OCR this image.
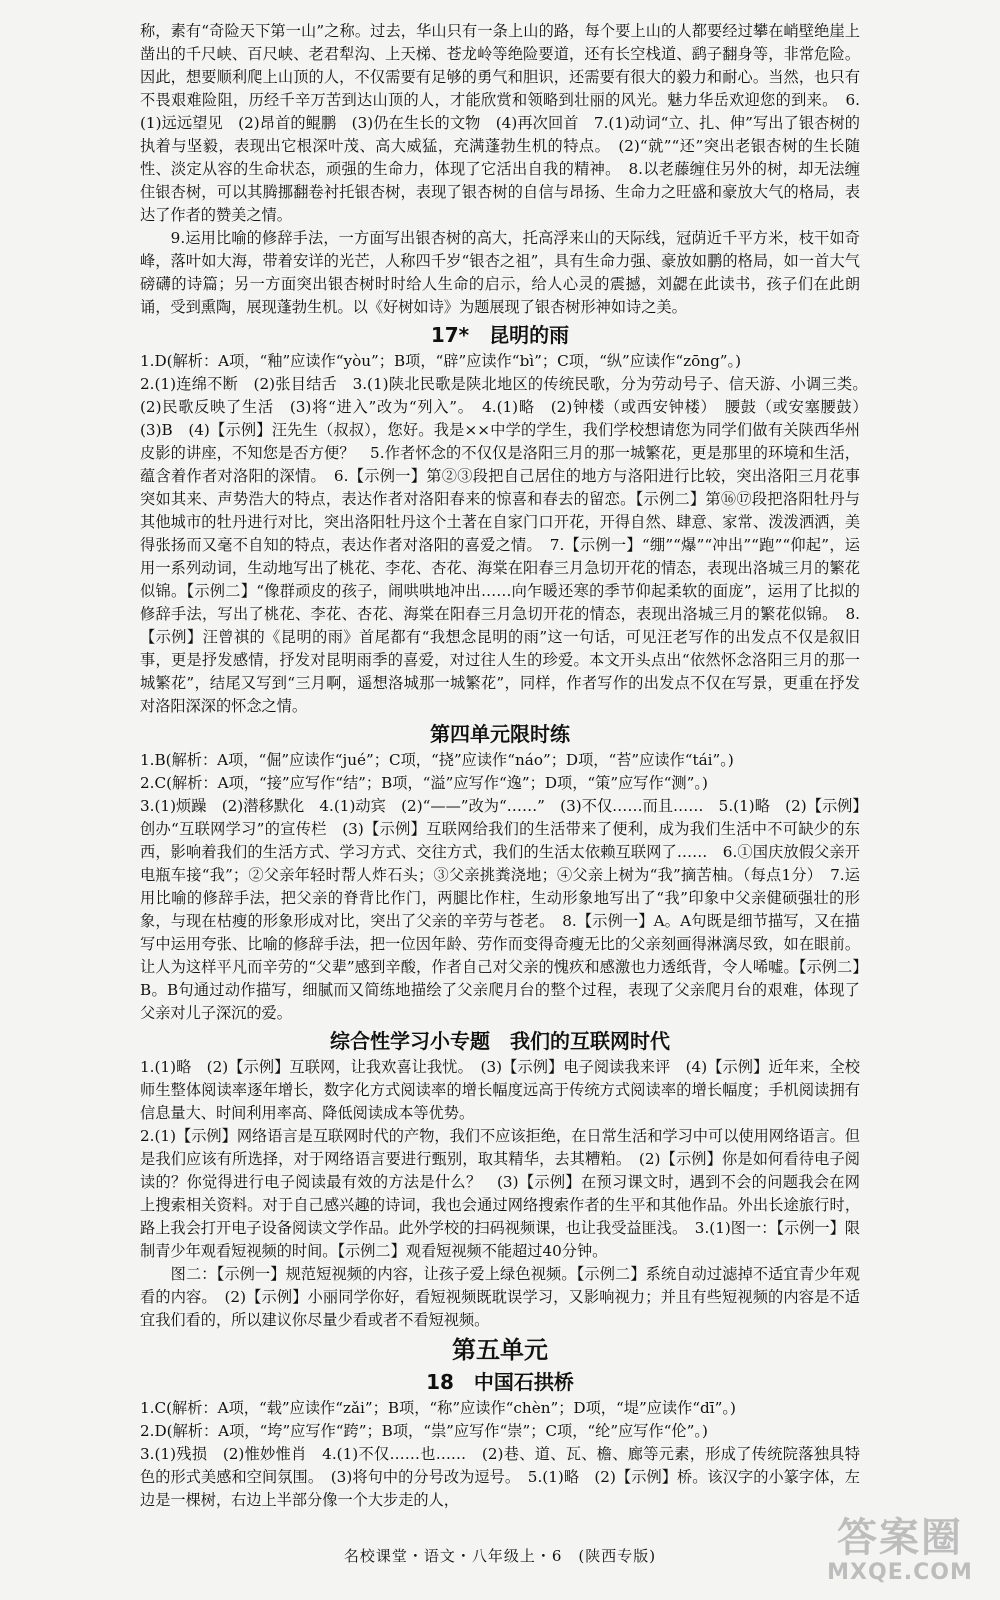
称，素有“奇险天下第一山”之称。过去，华山只有一条上山的路，每个要上山的人都要经过攀在峭壁绝崖上凿出的千尺峡、百尺峡、老君犁沟、上天梯、苍龙岭等绝险要道，还有长空栈道、鹞子翻身等，非常危险。因此，想要顺利爬上山顶的人，不仅需要有足够的勇气和胆识，还需要有很大的毅力和耐心。当然，也只有不畏艰难险阻，历经千辛万苦到达山顶的人，才能欣赏和领略到壮丽的风光。魅力华岳欢迎您的到来。　6.(1)远远望见　(2)昂首的鲲鹏　(3)仍在生长的文物　(4)再次回首　7.(1)动词“立、扎、伸”写出了银杏树的执着与坚毅，表现出它根深叶茂、高大威猛，充满蓬勃生机的特点。　(2)“就”“还”突出老银杏树的生长随性、淡定从容的生命状态，顽强的生命力，体现了它活出自我的精神。　8.以老藤缠住另外的树，却无法缠住银杏树，可以其腾挪翻卷衬托银杏树，表现了银杏树的自信与昂扬、生命力之旺盛和豪放大气的格局，表达了作者的赞美之情。

　　9.运用比喻的修辞手法，一方面写出银杏树的高大，托高浮来山的天际线，冠荫近千平方米，枝干如奇峰，落叶如大海，带着安详的光芒，人称四千岁“银杏之祖”，具有生命力强、豪放如鹏的格局，如一首大气磅礴的诗篇；另一方面突出银杏树时时给人生命的启示，给人心灵的震撼，刘勰在此读书，孩子们在此朗诵，受到熏陶，展现蓬勃生机。以《好树如诗》为题展现了银杏树形神如诗之美。

17*　昆明的雨

1.D(解析：A项，“釉”应读作“yòu”；B项，“辟”应读作“bì”；C项，“纵”应读作“zōng”。)

2.(1)连绵不断　(2)张目结舌　3.(1)陕北民歌是陕北地区的传统民歌，分为劳动号子、信天游、小调三类。　(2)民歌反映了生活　(3)将“进入”改为“列入”。　4.(1)略　(2)钟楼（或西安钟楼）　腰鼓（或安塞腰鼓）　(3)B　(4)【示例】汪先生（叔叔），您好。我是××中学的学生，我们学校想请您为同学们做有关陕西华州皮影的讲座，不知您是否方便？　5.作者怀念的不仅仅是洛阳三月的那一城繁花，更是那里的环境和生活，蕴含着作者对洛阳的深情。　6.【示例一】第②③段把自己居住的地方与洛阳进行比较，突出洛阳三月花事突如其来、声势浩大的特点，表达作者对洛阳春来的惊喜和春去的留恋。【示例二】第⑯⑰段把洛阳牡丹与其他城市的牡丹进行对比，突出洛阳牡丹这个土著在自家门口开花，开得自然、肆意、家常、泼泼洒洒，美得张扬而又毫不自知的特点，表达作者对洛阳的喜爱之情。　7.【示例一】“绷”“爆”“冲出”“跑”“仰起”，运用一系列动词，生动地写出了桃花、李花、杏花、海棠在阳春三月急切开花的情态，表现出洛城三月的繁花似锦。【示例二】“像群顽皮的孩子，闹哄哄地冲出……向乍暖还寒的季节仰起柔软的面庞”，运用了比拟的修辞手法，写出了桃花、李花、杏花、海棠在阳春三月急切开花的情态，表现出洛城三月的繁花似锦。　8.【示例】汪曾祺的《昆明的雨》首尾都有“我想念昆明的雨”这一句话，可见汪老写作的出发点不仅是叙旧事，更是抒发感情，抒发对昆明雨季的喜爱，对过往人生的珍爱。本文开头点出“依然怀念洛阳三月的那一城繁花”，结尾又写到“三月啊，遥想洛城那一城繁花”，同样，作者写作的出发点不仅在写景，更重在抒发对洛阳深深的怀念之情。

第四单元限时练

1.B(解析：A项，“倔”应读作“jué”；C项，“挠”应读作“náo”；D项，“苔”应读作“tái”。)

2.C(解析：A项，“接”应写作“结”；B项，“溢”应写作“逸”；D项，“策”应写作“测”。)

3.(1)烦躁　(2)潜移默化　4.(1)动宾　(2)“——”改为“……”　(3)不仅……而且……　5.(1)略　(2)【示例】创办“互联网学习”的宣传栏　(3)【示例】互联网给我们的生活带来了便利，成为我们生活中不可缺少的东西，影响着我们的生活方式、学习方式、交往方式，我们的生活太依赖互联网了……　6.①国庆放假父亲开电瓶车接“我”；②父亲年轻时帮人炸石头；③父亲挑粪浇地；④父亲上树为“我”摘苦柚。（每点1分）　7.运用比喻的修辞手法，把父亲的脊背比作门，两腿比作柱，生动形象地写出了“我”印象中父亲健硕强壮的形象，与现在枯瘦的形象形成对比，突出了父亲的辛劳与苍老。　8.【示例一】A。A句既是细节描写，又在描写中运用夸张、比喻的修辞手法，把一位因年龄、劳作而变得奇瘦无比的父亲刻画得淋漓尽致，如在眼前。让人为这样平凡而辛劳的“父辈”感到辛酸，作者自己对父亲的愧疚和感激也力透纸背，令人唏嘘。【示例二】B。B句通过动作描写，细腻而又简练地描绘了父亲爬月台的整个过程，表现了父亲爬月台的艰难，体现了父亲对儿子深沉的爱。

综合性学习小专题　我们的互联网时代

1.(1)略　(2)【示例】互联网，让我欢喜让我忧。　(3)【示例】电子阅读我来评　(4)【示例】近年来，全校师生整体阅读率逐年增长，数字化方式阅读率的增长幅度远高于传统方式阅读率的增长幅度；手机阅读拥有信息量大、时间利用率高、降低阅读成本等优势。

2.(1)【示例】网络语言是互联网时代的产物，我们不应该拒绝，在日常生活和学习中可以使用网络语言。但是我们应该有所选择，对于网络语言要进行甄别，取其精华，去其糟粕。　(2)【示例】你是如何看待电子阅读的？你觉得进行电子阅读最有效的方法是什么？　(3)【示例】在预习课文时，遇到不会的问题我会在网上搜索相关资料。对于自己感兴趣的诗词，我也会通过网络搜索作者的生平和其他作品。外出长途旅行时，路上我会打开电子设备阅读文学作品。此外学校的扫码视频课，也让我受益匪浅。　3.(1)图一：【示例一】限制青少年观看短视频的时间。【示例二】观看短视频不能超过40分钟。

　　图二：【示例一】规范短视频的内容，让孩子爱上绿色视频。【示例二】系统自动过滤掉不适宜青少年观看的内容。　(2)【示例】小丽同学你好，看短视频既耽误学习，又影响视力；并且有些短视频的内容是不适宜我们看的，所以建议你尽量少看或者不看短视频。

第五单元
18　中国石拱桥

1.C(解析：A项，“载”应读作“zǎi”；B项，“称”应读作“chèn”；D项，“堤”应读作“dī”。)

2.D(解析：A项，“垮”应写作“跨”；B项，“祟”应写作“崇”；C项，“纶”应写作“伦”。)

3.(1)残损　(2)惟妙惟肖　4.(1)不仅……也……　(2)巷、道、瓦、檐、廊等元素，形成了传统院落独具特色的形式美感和空间氛围。　(3)将句中的分号改为逗号。　5.(1)略　(2)【示例】桥。该汉字的小篆字体，左边是一棵树，右边上半部分像一个大步走的人，

名校课堂・语文・八年级上・6　(陕西专版)	答案圈
MXQE.COM
